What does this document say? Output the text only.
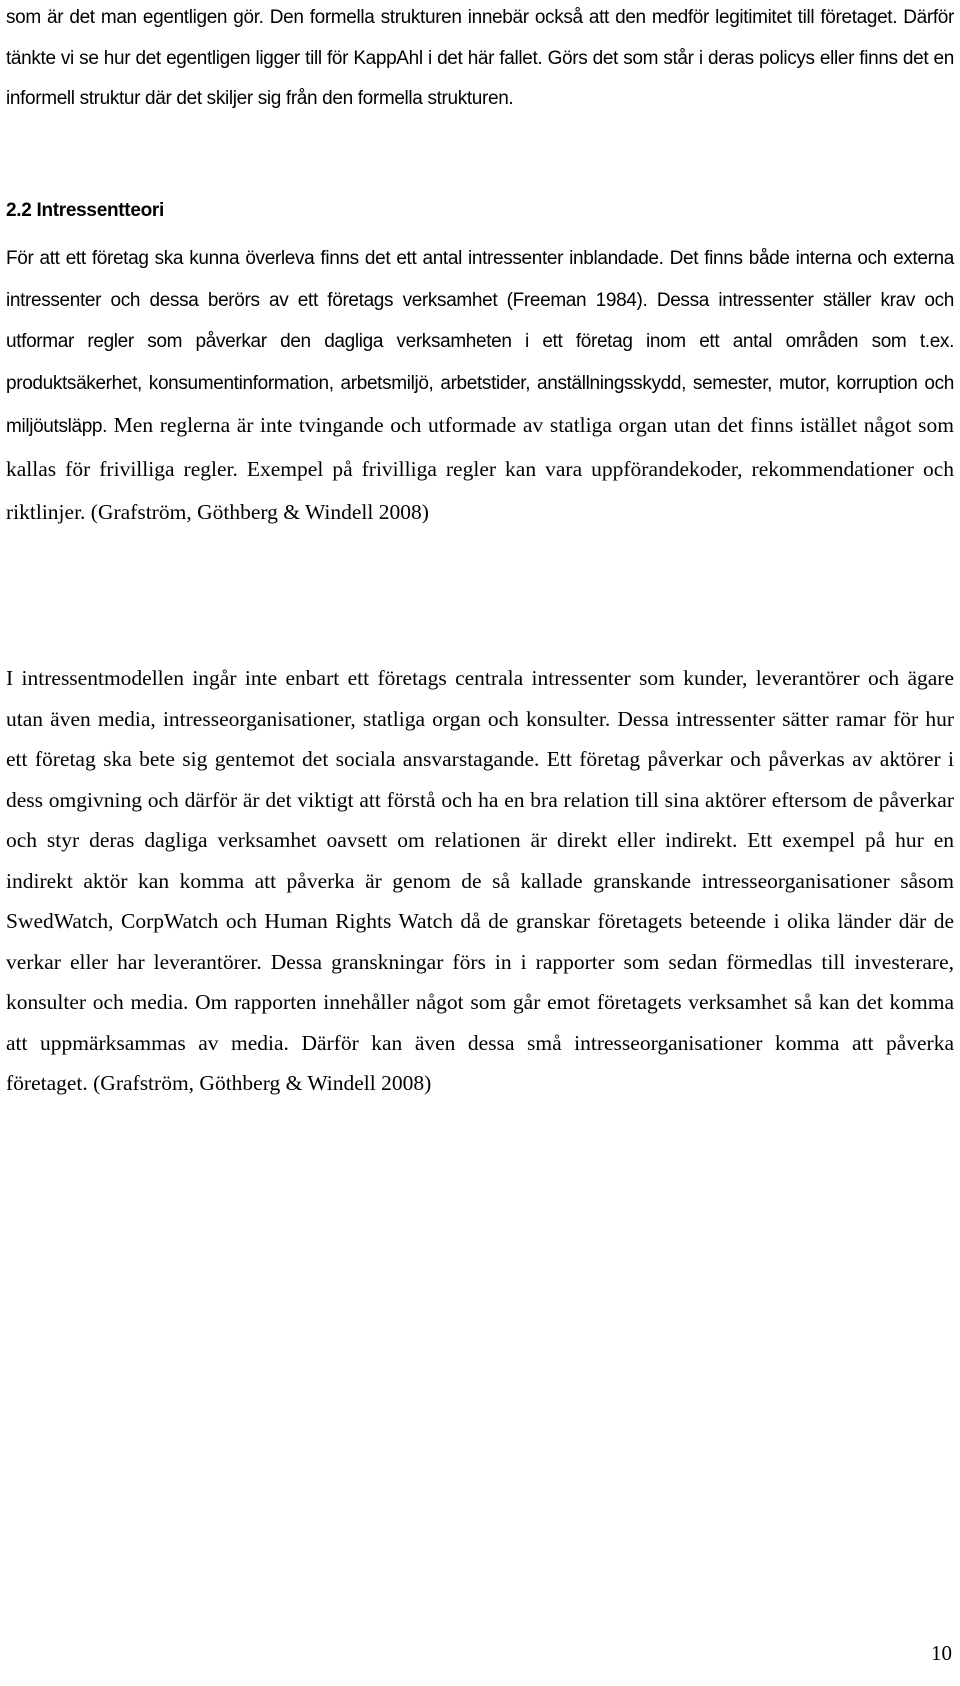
som är det man egentligen gör. Den formella strukturen innebär också att den medför legitimitet till företaget. Därför tänkte vi se hur det egentligen ligger till för KappAhl i det här fallet. Görs det som står i deras policys eller finns det en informell struktur där det skiljer sig från den formella strukturen.

2.2 Intressentteori

För att ett företag ska kunna överleva finns det ett antal intressenter inblandade. Det finns både interna och externa intressenter och dessa berörs av ett företags verksamhet (Freeman 1984). Dessa intressenter ställer krav och utformar regler som påverkar den dagliga verksamheten i ett företag inom ett antal områden som t.ex. produktsäkerhet, konsumentinformation, arbetsmiljö, arbetstider, anställningsskydd, semester, mutor, korruption och miljöutsläpp. Men reglerna är inte tvingande och utformade av statliga organ utan det finns istället något som kallas för frivilliga regler. Exempel på frivilliga regler kan vara uppförandekoder, rekommendationer och riktlinjer. (Grafström, Göthberg & Windell 2008)

I intressentmodellen ingår inte enbart ett företags centrala intressenter som kunder, leverantörer och ägare utan även media, intresseorganisationer, statliga organ och konsulter. Dessa intressenter sätter ramar för hur ett företag ska bete sig gentemot det sociala ansvarstagande. Ett företag påverkar och påverkas av aktörer i dess omgivning och därför är det viktigt att förstå och ha en bra relation till sina aktörer eftersom de påverkar och styr deras dagliga verksamhet oavsett om relationen är direkt eller indirekt. Ett exempel på hur en indirekt aktör kan komma att påverka är genom de så kallade granskande intresseorganisationer såsom SwedWatch, CorpWatch och Human Rights Watch då de granskar företagets beteende i olika länder där de verkar eller har leverantörer. Dessa granskningar förs in i rapporter som sedan förmedlas till investerare, konsulter och media. Om rapporten innehåller något som går emot företagets verksamhet så kan det komma att uppmärksammas av media. Därför kan även dessa små intresseorganisationer komma att påverka företaget. (Grafström, Göthberg & Windell 2008)

10
